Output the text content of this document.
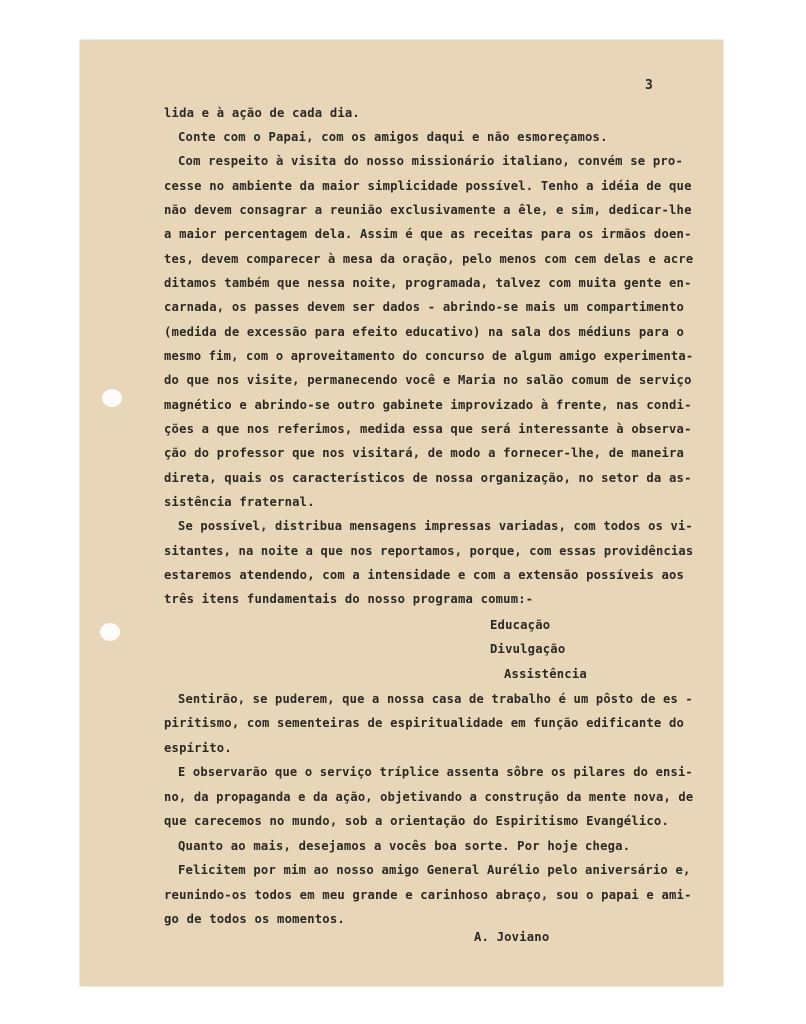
3
lida e à ação de cada dia.
Conte com o Papai, com os amigos daqui e não esmoreçamos.
Com respeito à visita do nosso missionário italiano, convém se pro-
cesse no ambiente da maior simplicidade possível. Tenho a idéia de que
não devem consagrar a reunião exclusivamente a êle, e sim, dedicar-lhe
a maior percentagem dela. Assim é que as receitas para os irmãos doen-
tes, devem comparecer à mesa da oração, pelo menos com cem delas e acre
ditamos também que nessa noite, programada, talvez com muita gente en-
carnada, os passes devem ser dados - abrindo-se mais um compartimento
(medida de excessão para efeito educativo) na sala dos médiuns para o
mesmo fim, com o aproveitamento do concurso de algum amigo experimenta-
do que nos visite, permanecendo você e Maria no salão comum de serviço
magnético e abrindo-se outro gabinete improvizado à frente, nas condi-
ções a que nos referimos, medida essa que será interessante à observa-
ção do professor que nos visitará, de modo a fornecer-lhe, de maneira
direta, quais os característicos de nossa organização, no setor da as-
sistência fraternal.
Se possível, distribua mensagens impressas variadas, com todos os vi-
sitantes, na noite a que nos reportamos, porque, com essas providências
estaremos atendendo, com a intensidade e com a extensão possíveis aos
três itens fundamentais do nosso programa comum:-
Educação
Divulgação
Assistência
Sentirão, se puderem, que a nossa casa de trabalho é um pôsto de es -
piritismo, com sementeiras de espiritualidade em função edificante do
espírito.
E observarão que o serviço tríplice assenta sôbre os pilares do ensi-
no, da propaganda e da ação, objetivando a construção da mente nova, de
que carecemos no mundo, sob a orientação do Espiritismo Evangélico.
Quanto ao mais, desejamos a vocês boa sorte. Por hoje chega.
Felicitem por mim ao nosso amigo General Aurélio pelo aniversário e,
reunindo-os todos em meu grande e carinhoso abraço, sou o papai e ami-
go de todos os momentos.
A. Joviano
